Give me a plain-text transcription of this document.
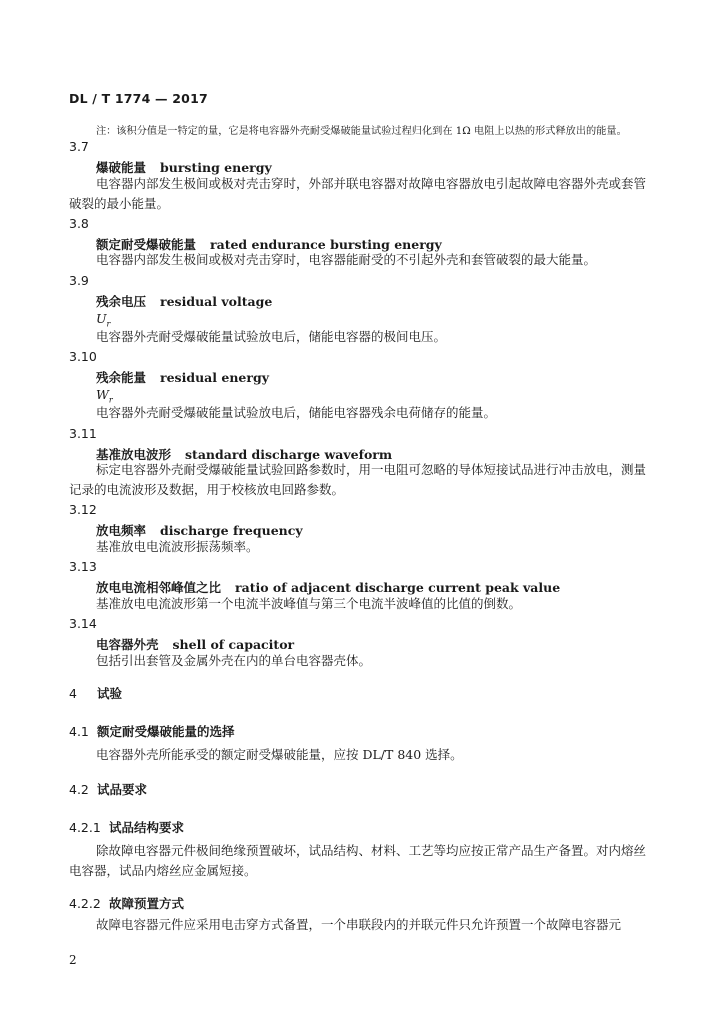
DL / T 1774 — 2017
注：该积分值是一特定的量，它是将电容器外壳耐受爆破能量试验过程归化到在 1Ω 电阻上以热的形式释放出的能量。
3.7
爆破能量 bursting energy
电容器内部发生极间或极对壳击穿时，外部并联电容器对故障电容器放电引起故障电容器外壳或套管破裂的最小能量。
3.8
额定耐受爆破能量 rated endurance bursting energy
电容器内部发生极间或极对壳击穿时，电容器能耐受的不引起外壳和套管破裂的最大能量。
3.9
残余电压 residual voltage
$U_r$
电容器外壳耐受爆破能量试验放电后，储能电容器的极间电压。
3.10
残余能量 residual energy
$W_r$
电容器外壳耐受爆破能量试验放电后，储能电容器残余电荷储存的能量。
3.11
基准放电波形 standard discharge waveform
标定电容器外壳耐受爆破能量试验回路参数时，用一电阻可忽略的导体短接试品进行冲击放电，测量记录的电流波形及数据，用于校核放电回路参数。
3.12
放电频率 discharge frequency
基准放电电流波形振荡频率。
3.13
放电电流相邻峰值之比 ratio of adjacent discharge current peak value
基准放电电流波形第一个电流半波峰值与第三个电流半波峰值的比值的倒数。
3.14
电容器外壳 shell of capacitor
包括引出套管及金属外壳在内的单台电容器壳体。
4 试验
4.1 额定耐受爆破能量的选择
电容器外壳所能承受的额定耐受爆破能量，应按 DL/T 840 选择。
4.2 试品要求
4.2.1 试品结构要求
除故障电容器元件极间绝缘预置破坏，试品结构、材料、工艺等均应按正常产品生产备置。对内熔丝电容器，试品内熔丝应金属短接。
4.2.2 故障预置方式
故障电容器元件应采用电击穿方式备置，一个串联段内的并联元件只允许预置一个故障电容器元
2
